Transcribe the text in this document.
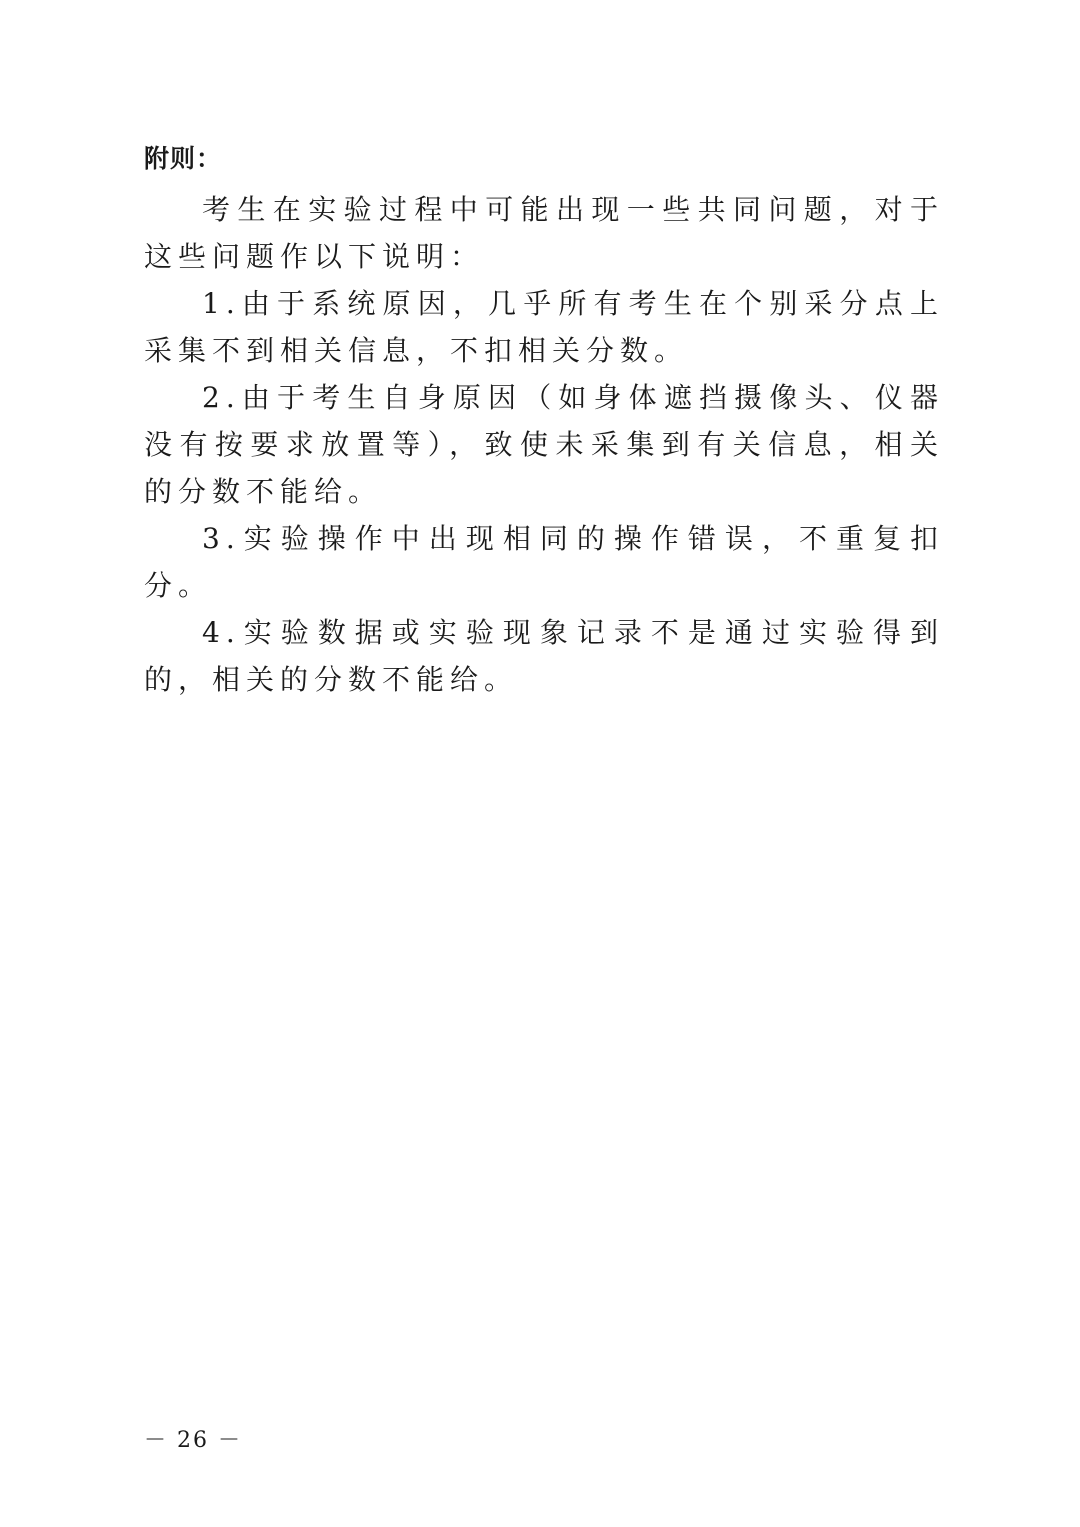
附则：

考生在实验过程中可能出现一些共同问题，对于这些问题作以下说明：

1.由于系统原因，几乎所有考生在个别采分点上采集不到相关信息，不扣相关分数。

2.由于考生自身原因（如身体遮挡摄像头、仪器没有按要求放置等），致使未采集到有关信息，相关的分数不能给。

3.实验操作中出现相同的操作错误，不重复扣分。

4.实验数据或实验现象记录不是通过实验得到的，相关的分数不能给。

－ 26 －
